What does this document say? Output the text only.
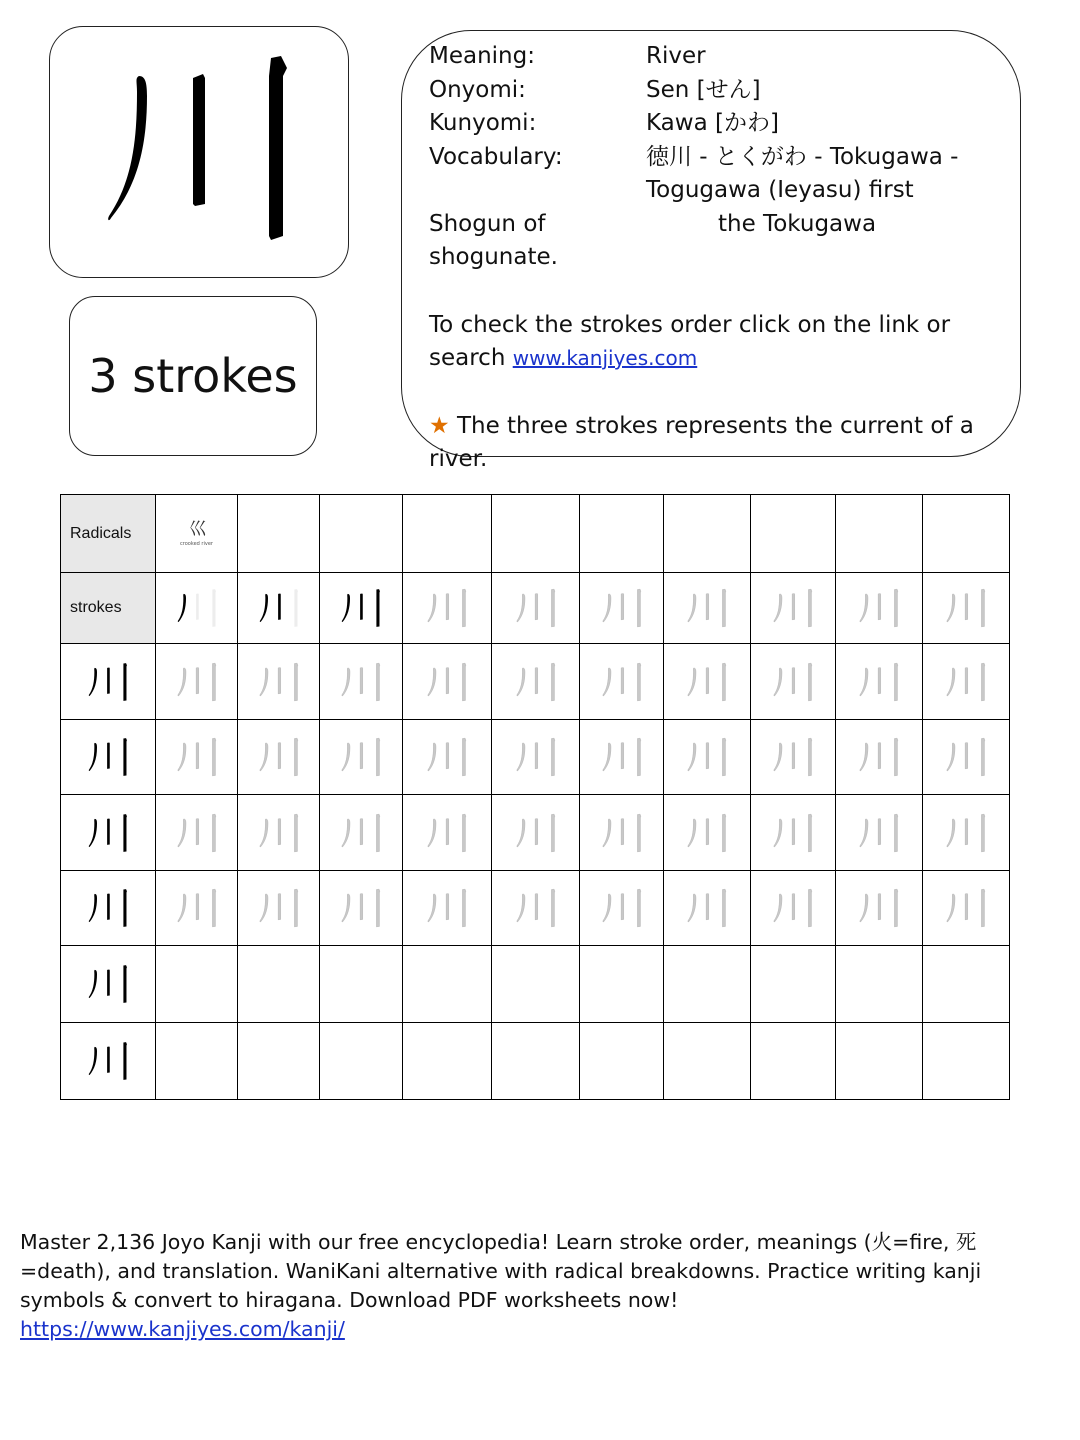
3 strokes
Meaning:	River
Onyomi:	Sen [せん]
Kunyomi:	Kawa [かわ]
Vocabulary:	徳川 - とくがわ - Tokugawa -
Togugawa (Ieyasu) first
Shogun of	the Tokugawa
shogunate.
To check the strokes order click on the link or
search www.kanjiyes.com
★ The three strokes represents the current of a
river.
Radicals	巛
crooked river									

strokes	

Master 2,136 Joyo Kanji with our free encyclopedia! Learn stroke order, meanings (火=fire, 死
=death), and translation. WaniKani alternative with radical breakdowns. Practice writing kanji
symbols & convert to hiragana. Download PDF worksheets now!
https://www.kanjiyes.com/kanji/
